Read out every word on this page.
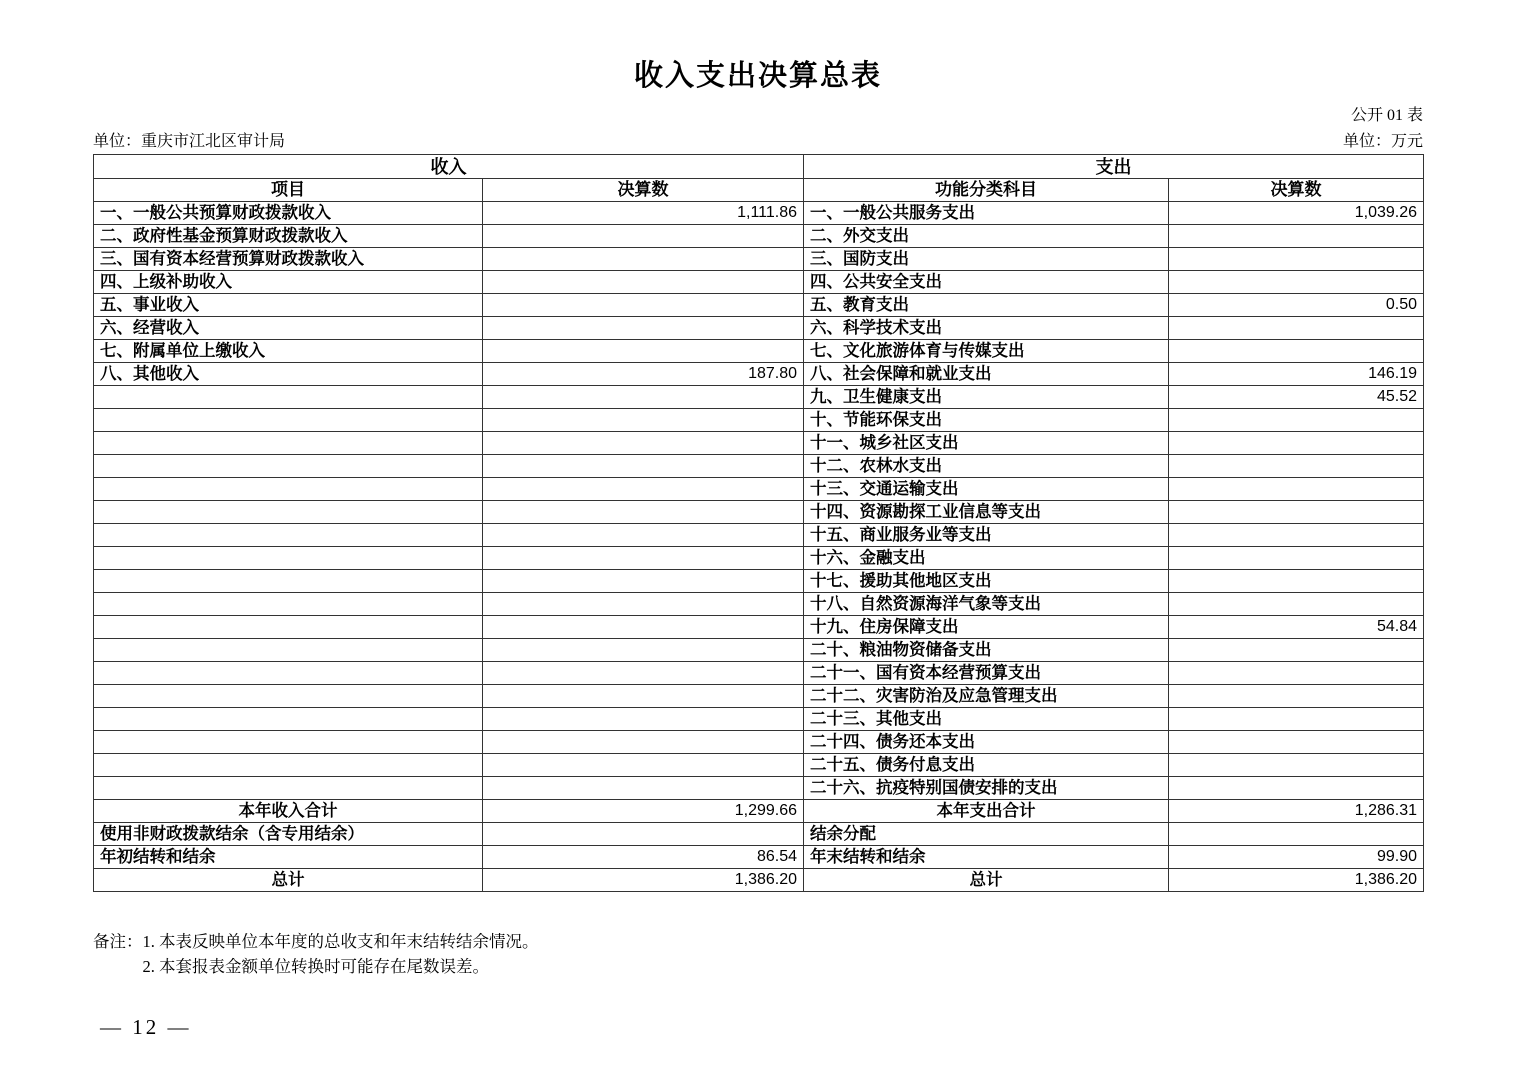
收入支出决算总表
公开 01 表
单位：重庆市江北区审计局	单位：万元
收入		支出	
项目	决算数	功能分类科目	决算数
一、一般公共预算财政拨款收入	1,111.86	一、一般公共服务支出	1,039.26
二、政府性基金预算财政拨款收入		二、外交支出	
三、国有资本经营预算财政拨款收入		三、国防支出	
四、上级补助收入		四、公共安全支出	
五、事业收入		五、教育支出	0.50
六、经营收入		六、科学技术支出	
七、附属单位上缴收入		七、文化旅游体育与传媒支出	
八、其他收入	187.80	八、社会保障和就业支出	146.19
		九、卫生健康支出	45.52
		十、节能环保支出	
		十一、城乡社区支出	
		十二、农林水支出	
		十三、交通运输支出	
		十四、资源勘探工业信息等支出	
		十五、商业服务业等支出	
		十六、金融支出	
		十七、援助其他地区支出	
		十八、自然资源海洋气象等支出	
		十九、住房保障支出	54.84
		二十、粮油物资储备支出	
		二十一、国有资本经营预算支出	
		二十二、灾害防治及应急管理支出	
		二十三、其他支出	
		二十四、债务还本支出	
		二十五、债务付息支出	
		二十六、抗疫特别国债安排的支出	
本年收入合计	1,299.66	本年支出合计	1,286.31
使用非财政拨款结余（含专用结余）		结余分配	
年初结转和结余	86.54	年末结转和结余	99.90
总计	1,386.20	总计	1,386.20
备注： 1. 本表反映单位本年度的总收支和年末结转结余情况。
2. 本套报表金额单位转换时可能存在尾数误差。
— 12 —
